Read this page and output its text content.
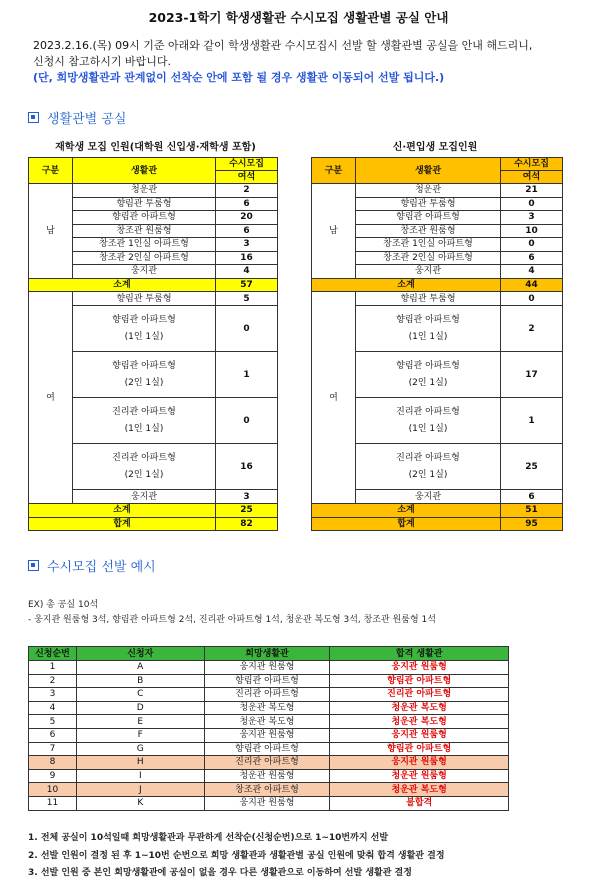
2023-1학기 학생생활관 수시모집 생활관별 공실 안내
2023.2.16.(목) 09시 기준 아래와 같이 학생생활관 수시모집시 선발 할 생활관별 공실을 안내 해드리니,
신청시 참고하시기 바랍니다.
(단, 희망생활관과 관계없이 선착순 안에 포함 될 경우 생활관 이동되어 선발 됩니다.)
생활관별 공실
재학생 모집 인원(대학원 신입생·재학생 포함)	신·편입생 모집인원
구분	생활관	수시모집
		여석
남	청운관	2
	향림관 투룸형	6
	향림관 아파트형	20
	창조관 원룸형	6
	창조관 1인실 아파트형	3
	창조관 2인실 아파트형	16
	웅지관	4
소계		57
여	향림관 투룸형	5

	향림관 아파트형
(1인 1실)	0

	향림관 아파트형
(2인 1실)	1

	진리관 아파트형
(1인 1실)	0

	진리관 아파트형
(2인 1실)	16

	웅지관	3
소계		25
합계		82
구분	생활관	수시모집
		여석
남	청운관	21
	향림관 투룸형	0
	향림관 아파트형	3
	창조관 원룸형	10
	창조관 1인실 아파트형	0
	창조관 2인실 아파트형	6
	웅지관	4
소계		44
여	향림관 투룸형	0

	향림관 아파트형
(1인 1실)	2

	향림관 아파트형
(2인 1실)	17

	진리관 아파트형
(1인 1실)	1

	진리관 아파트형
(2인 1실)	25

	웅지관	6
소계		51
합계		95
수시모집 선발 예시
EX) 총 공실 10석
- 웅지관 원룸형 3석, 향림관 아파트형 2석, 진리관 아파트형 1석, 청운관 복도형 3석, 창조관 원룸형 1석
신청순번	신청자	희망생활관	합격 생활관
1	A	웅지관 원룸형	웅지관 원룸형
2	B	향림관 아파트형	향림관 아파트형
3	C	진리관 아파트형	진리관 아파트형
4	D	청운관 복도형	청운관 복도형
5	E	청운관 복도형	청운관 복도형
6	F	웅지관 원룸형	웅지관 원룸형
7	G	향림관 아파트형	향림관 아파트형
8	H	진리관 아파트형	웅지관 원룸형
9	I	청운관 원룸형	청운관 원룸형
10	J	창조관 아파트형	청운관 복도형
11	K	웅지관 원룸형	불합격
1. 전체 공실이 10석일때 희망생활관과 무관하게 선착순(신청순번)으로 1~10번까지 선발
2. 선발 인원이 결정 된 후 1~10번 순번으로 희망 생활관과 생활관별 공실 인원에 맞춰 합격 생활관 결정
3. 선발 인원 중 본인 희망생활관에 공실이 없을 경우 다른 생활관으로 이동하여 선발 생활관 결정
